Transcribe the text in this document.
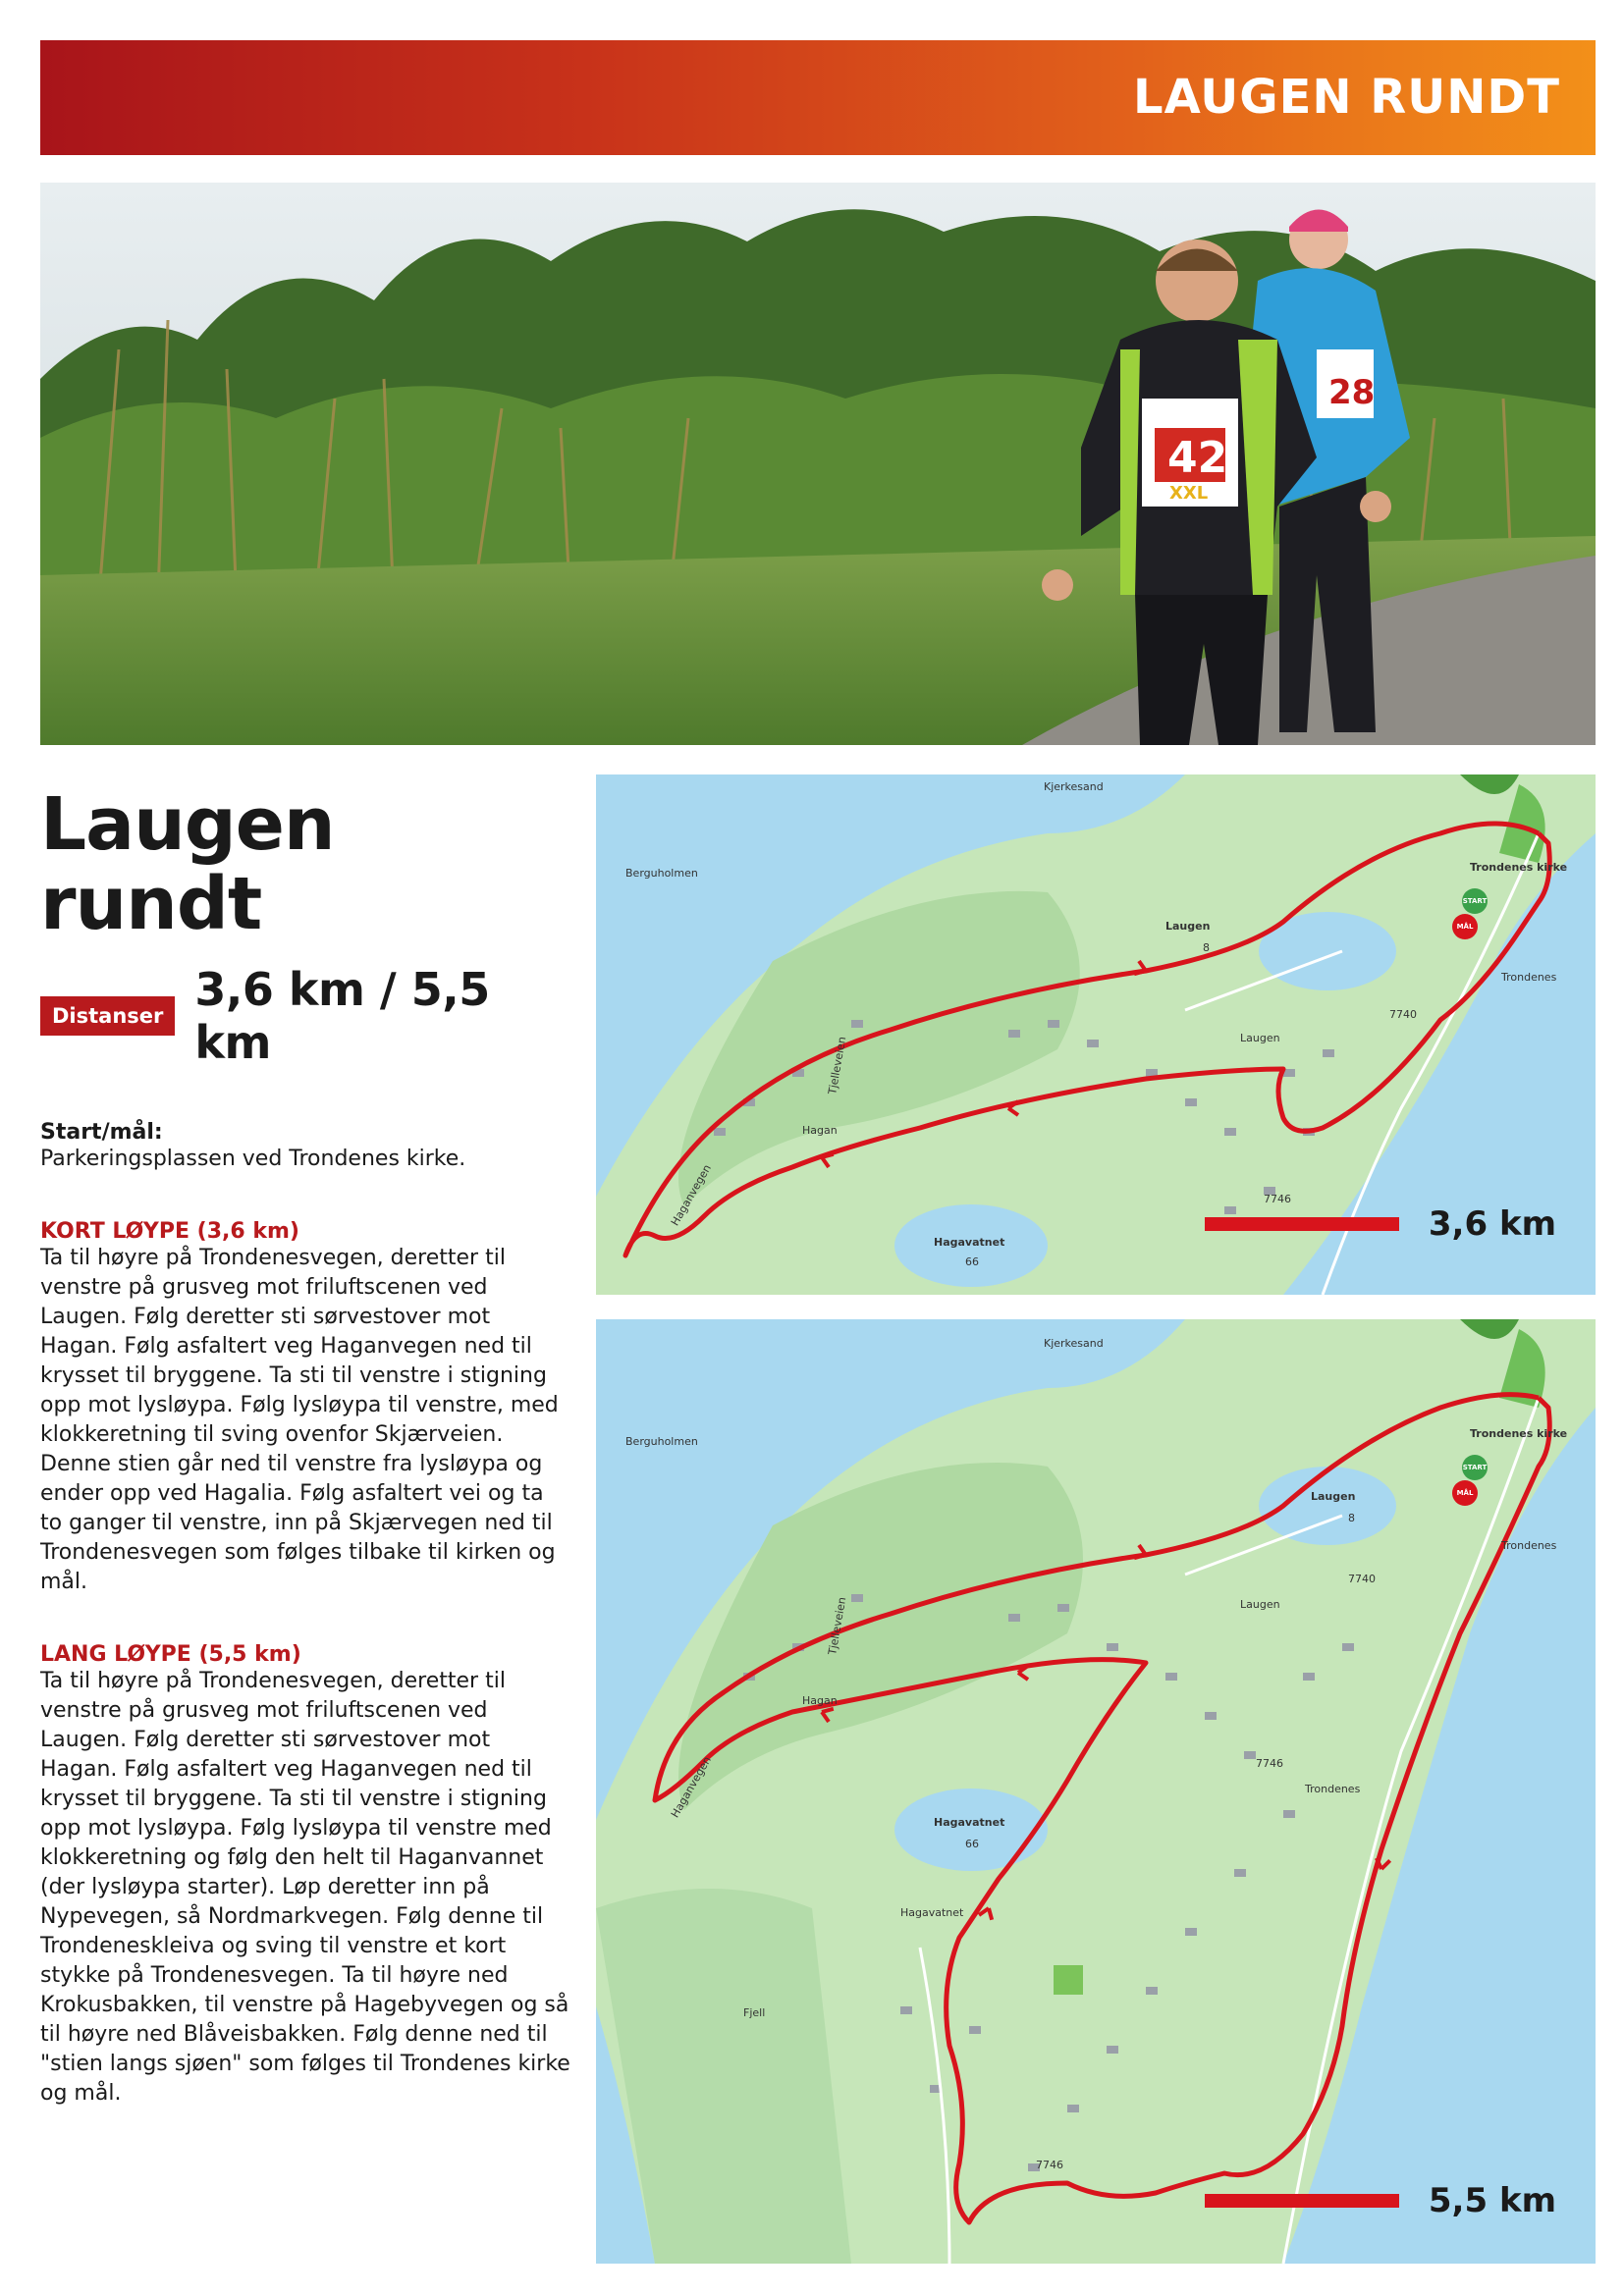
LAUGEN RUNDT
28
42
XXL
Laugen rundt
Distanser 3,6 km / 5,5 km
Start/mål:
Parkeringsplassen ved Trondenes kirke.
KORT LØYPE (3,6 km)
Ta til høyre på Trondenesvegen, deretter til venstre på grusveg mot friluftscenen ved Laugen. Følg deretter sti sørvestover mot Hagan. Følg asfaltert veg Haganvegen ned til krysset til bryggene. Ta sti til venstre i stigning opp mot lysløypa. Følg lysløypa til venstre, med klokkeretning til sving ovenfor Skjærveien. Denne stien går ned til venstre fra lysløypa og ender opp ved Hagalia. Følg asfaltert vei og ta to ganger til venstre, inn på Skjærvegen ned til Trondenesvegen som følges tilbake til kirken og mål.
LANG LØYPE (5,5 km)
Ta til høyre på Trondenesvegen, deretter til venstre på grusveg mot friluftscenen ved Laugen. Følg deretter sti sørvestover mot Hagan. Følg asfaltert veg Haganvegen ned til krysset til bryggene. Ta sti til venstre i stigning opp mot lysløypa. Følg lysløypa til venstre med klokkeretning og følg den helt til Haganvannet (der lysløypa starter). Løp deretter inn på Nypevegen, så Nordmarkvegen. Følg denne til Trondeneskleiva og sving til venstre et kort stykke på Trondenesvegen. Ta til høyre ned Krokusbakken, til venstre på Hagebyvegen og så til høyre ned Blåveisbakken. Følg denne ned til "stien langs sjøen" som følges til Trondenes kirke og mål.
Kjerkesand
Berguholmen	Trondenes kirke
Laugen
8
Trondenes
7740
Laugen
Tjelleveien
Hagan
Haganvegen
Hagavatnet
66
7746
START
MÅL
3,6 km
Kjerkesand
Berguholmen
Trondenes kirke
Laugen
8
Trondenes
7740
Laugen
Tjelleveien
Hagan
Haganvegen
Hagavatnet
66
7746
Trondenes
Hagavatnet
Fjell
7746
START
MÅL
5,5 km
